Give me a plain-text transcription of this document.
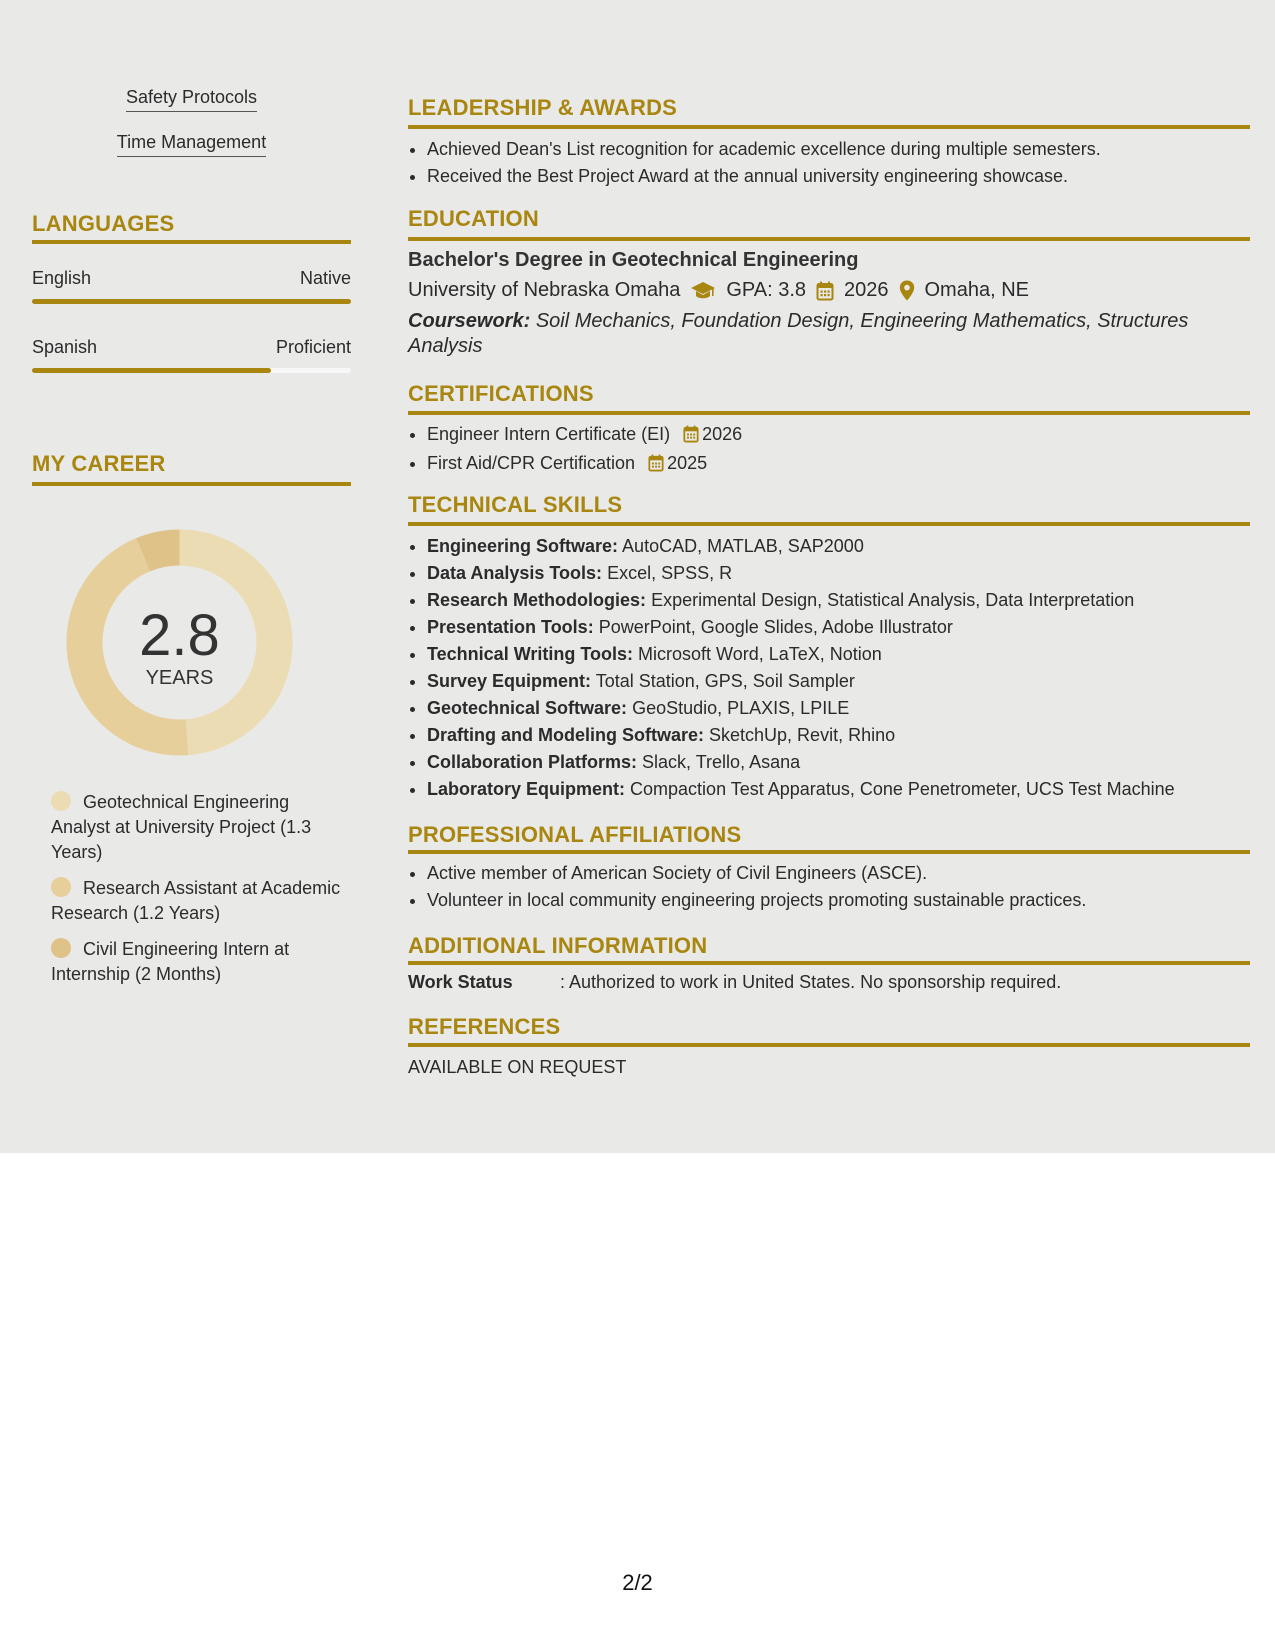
Safety Protocols
Time Management
LANGUAGES
English	Native
Spanish	Proficient
MY CAREER
2.8
YEARS
Geotechnical Engineering Analyst at University Project (1.3 Years)
Research Assistant at Academic Research (1.2 Years)
Civil Engineering Intern at Internship (2 Months)
LEADERSHIP & AWARDS
• Achieved Dean's List recognition for academic excellence during multiple semesters.
• Received the Best Project Award at the annual university engineering showcase.
EDUCATION
Bachelor's Degree in Geotechnical Engineering
University of Nebraska Omaha GPA: 3.8 2026 Omaha, NE
Coursework: Soil Mechanics, Foundation Design, Engineering Mathematics, Structures Analysis
CERTIFICATIONS
• Engineer Intern Certificate (EI) 2026
• First Aid/CPR Certification 2025
TECHNICAL SKILLS
• Engineering Software: AutoCAD, MATLAB, SAP2000
• Data Analysis Tools: Excel, SPSS, R
• Research Methodologies: Experimental Design, Statistical Analysis, Data Interpretation
• Presentation Tools: PowerPoint, Google Slides, Adobe Illustrator
• Technical Writing Tools: Microsoft Word, LaTeX, Notion
• Survey Equipment: Total Station, GPS, Soil Sampler
• Geotechnical Software: GeoStudio, PLAXIS, LPILE
• Drafting and Modeling Software: SketchUp, Revit, Rhino
• Collaboration Platforms: Slack, Trello, Asana
• Laboratory Equipment: Compaction Test Apparatus, Cone Penetrometer, UCS Test Machine
PROFESSIONAL AFFILIATIONS
• Active member of American Society of Civil Engineers (ASCE).
• Volunteer in local community engineering projects promoting sustainable practices.
ADDITIONAL INFORMATION
Work Status	: Authorized to work in United States. No sponsorship required.
REFERENCES
AVAILABLE ON REQUEST
2/2
